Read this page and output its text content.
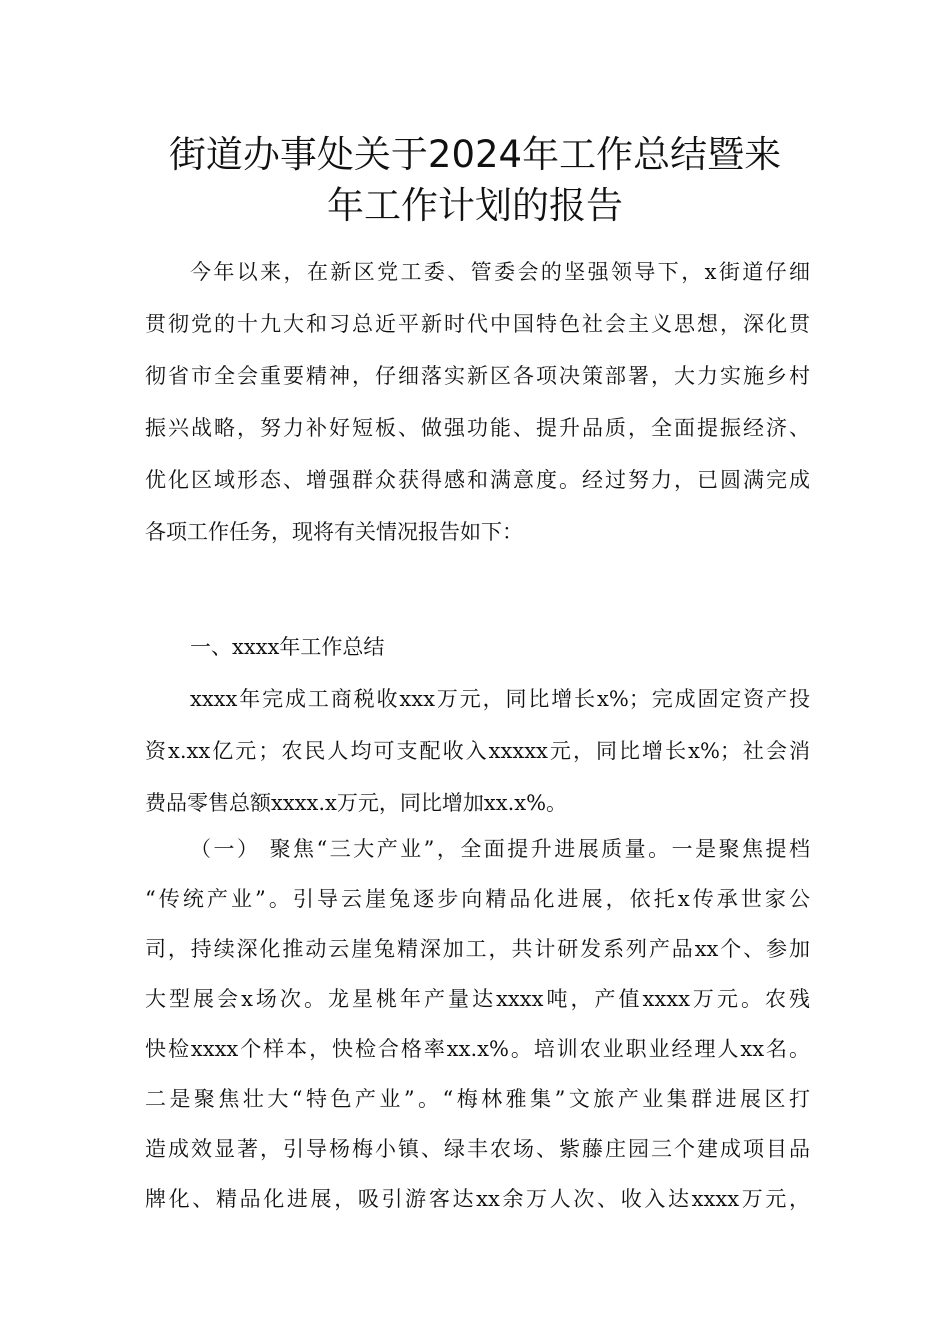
街道办事处关于2024年工作总结暨来
年工作计划的报告
今年以来，在新区党工委、管委会的坚强领导下，x街道仔细
贯彻党的十九大和习总近平新时代中国特色社会主义思想，深化贯
彻省市全会重要精神，仔细落实新区各项决策部署，大力实施乡村
振兴战略，努力补好短板、做强功能、提升品质，全面提振经济、
优化区域形态、增强群众获得感和满意度。经过努力，已圆满完成
各项工作任务，现将有关情况报告如下：
一、xxxx年工作总结
xxxx年完成工商税收xxx万元，同比增长x%；完成固定资产投
资x.xx亿元；农民人均可支配收入xxxxx元，同比增长x%；社会消
费品零售总额xxxx.x万元，同比增加xx.x%。
（一） 聚焦“三大产业”，全面提升进展质量。一是聚焦提档
“传统产业”。引导云崖兔逐步向精品化进展，依托x传承世家公
司，持续深化推动云崖兔精深加工，共计研发系列产品xx个、参加
大型展会x场次。龙星桃年产量达xxxx吨，产值xxxx万元。农残
快检xxxx个样本，快检合格率xx.x%。培训农业职业经理人xx名。
二是聚焦壮大“特色产业”。“梅林雅集”文旅产业集群进展区打
造成效显著，引导杨梅小镇、绿丰农场、紫藤庄园三个建成项目品
牌化、精品化进展，吸引游客达xx余万人次、收入达xxxx万元，
